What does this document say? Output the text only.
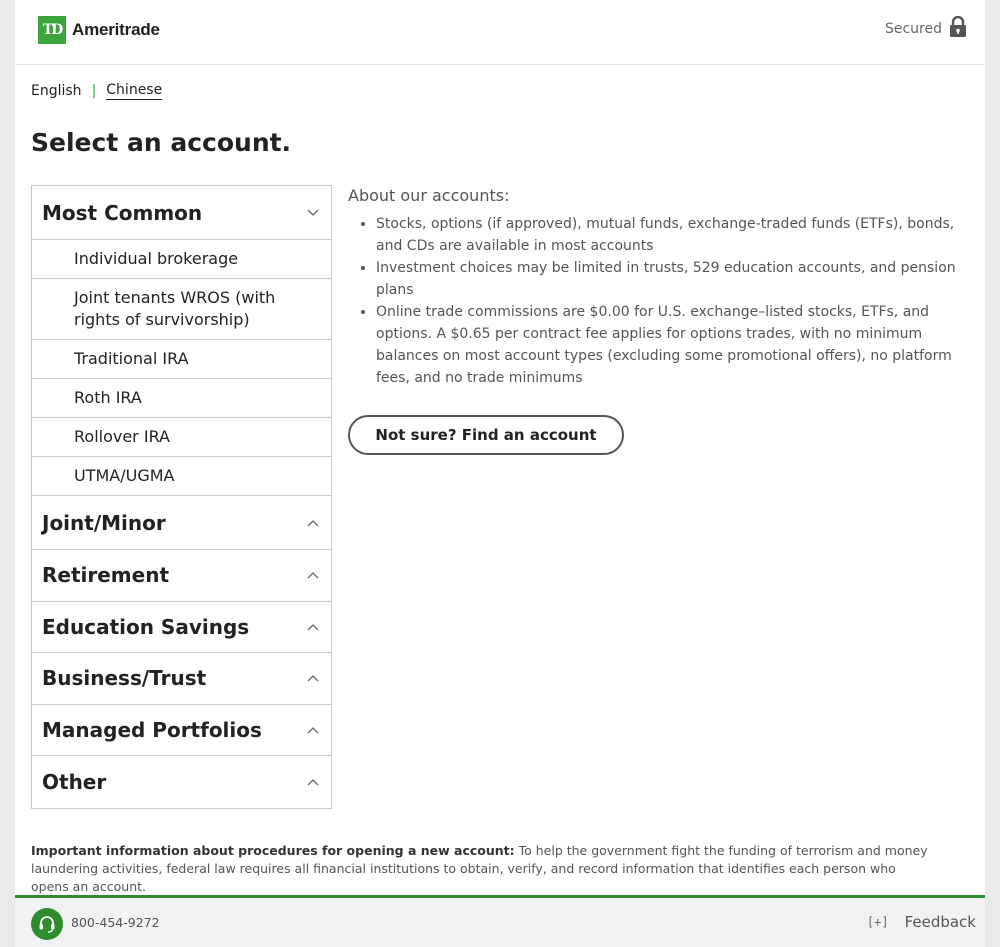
TD Ameritrade	Secured
English | Chinese
Select an account.
Most Common
Individual brokerage
Joint tenants WROS (with rights of survivorship)
Traditional IRA
Roth IRA
Rollover IRA
UTMA/UGMA
Joint/Minor
Retirement
Education Savings
Business/Trust
Managed Portfolios
Other

About our accounts:

• Stocks, options (if approved), mutual funds, exchange-traded funds (ETFs), bonds, and CDs are available in most accounts
• Investment choices may be limited in trusts, 529 education accounts, and pension plans
• Online trade commissions are $0.00 for U.S. exchange–listed stocks, ETFs, and options. A $0.65 per contract fee applies for options trades, with no minimum balances on most account types (excluding some promotional offers), no platform fees, and no trade minimums
Not sure? Find an account
Important information about procedures for opening a new account: To help the government fight the funding of terrorism and money laundering activities, federal law requires all financial institutions to obtain, verify, and record information that identifies each person who opens an account.
800-454-9272	[+] Feedback
